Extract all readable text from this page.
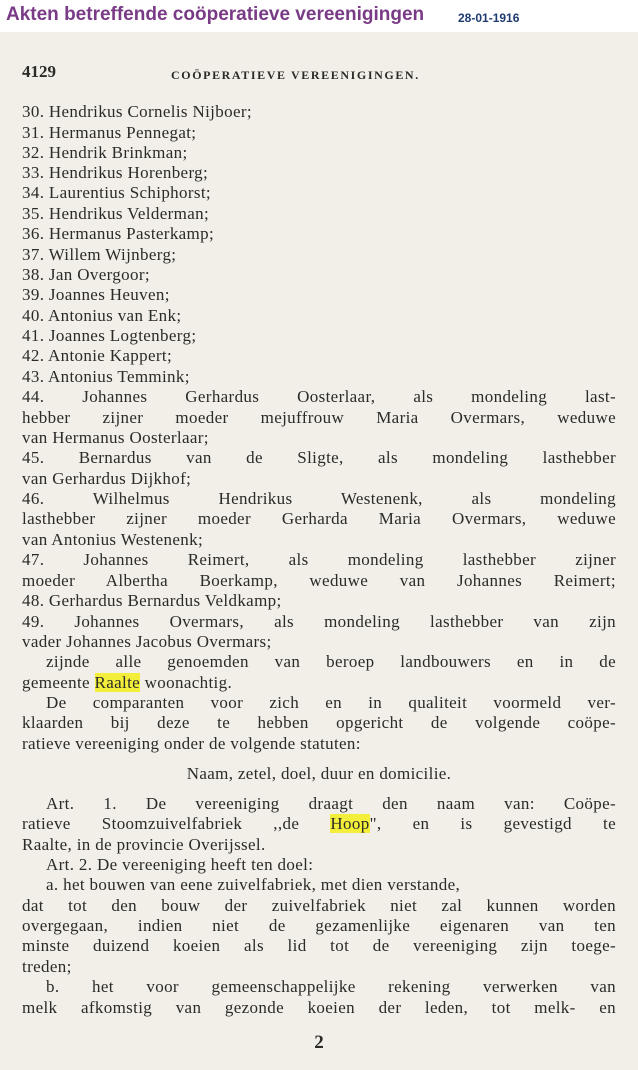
Akten betreffende coöperatieve vereenigingen	28-01-1916
4129	COÖPERATIEVE VEREENIGINGEN.
30. Hendrikus Cornelis Nijboer;
31. Hermanus Pennegat;
32. Hendrik Brinkman;
33. Hendrikus Horenberg;
34. Laurentius Schiphorst;
35. Hendrikus Velderman;
36. Hermanus Pasterkamp;
37. Willem Wijnberg;
38. Jan Overgoor;
39. Joannes Heuven;
40. Antonius van Enk;
41. Joannes Logtenberg;
42. Antonie Kappert;
43. Antonius Temmink;
44. Johannes Gerhardus Oosterlaar, als mondeling last-
hebber zijner moeder mejuffrouw Maria Overmars, weduwe
van Hermanus Oosterlaar;
45. Bernardus van de Sligte, als mondeling lasthebber
van Gerhardus Dijkhof;
46. Wilhelmus Hendrikus Westenenk, als mondeling
lasthebber zijner moeder Gerharda Maria Overmars, weduwe
van Antonius Westenenk;
47. Johannes Reimert, als mondeling lasthebber zijner
moeder Albertha Boerkamp, weduwe van Johannes Reimert;
48. Gerhardus Bernardus Veldkamp;
49. Johannes Overmars, als mondeling lasthebber van zijn
vader Johannes Jacobus Overmars;
zijnde alle genoemden van beroep landbouwers en in de
gemeente Raalte woonachtig.
De comparanten voor zich en in qualiteit voormeld ver-
klaarden bij deze te hebben opgericht de volgende coöpe-
ratieve vereeniging onder de volgende statuten:
Naam, zetel, doel, duur en domicilie.
Art. 1. De vereeniging draagt den naam van: Coöpe-
ratieve Stoomzuivelfabriek ,,de Hoop", en is gevestigd te
Raalte, in de provincie Overijssel.
Art. 2. De vereeniging heeft ten doel:
a. het bouwen van eene zuivelfabriek, met dien verstande,
dat tot den bouw der zuivelfabriek niet zal kunnen worden
overgegaan, indien niet de gezamenlijke eigenaren van ten
minste duizend koeien als lid tot de vereeniging zijn toege-
treden;
b. het voor gemeenschappelijke rekening verwerken van
melk afkomstig van gezonde koeien der leden, tot melk- en
2
